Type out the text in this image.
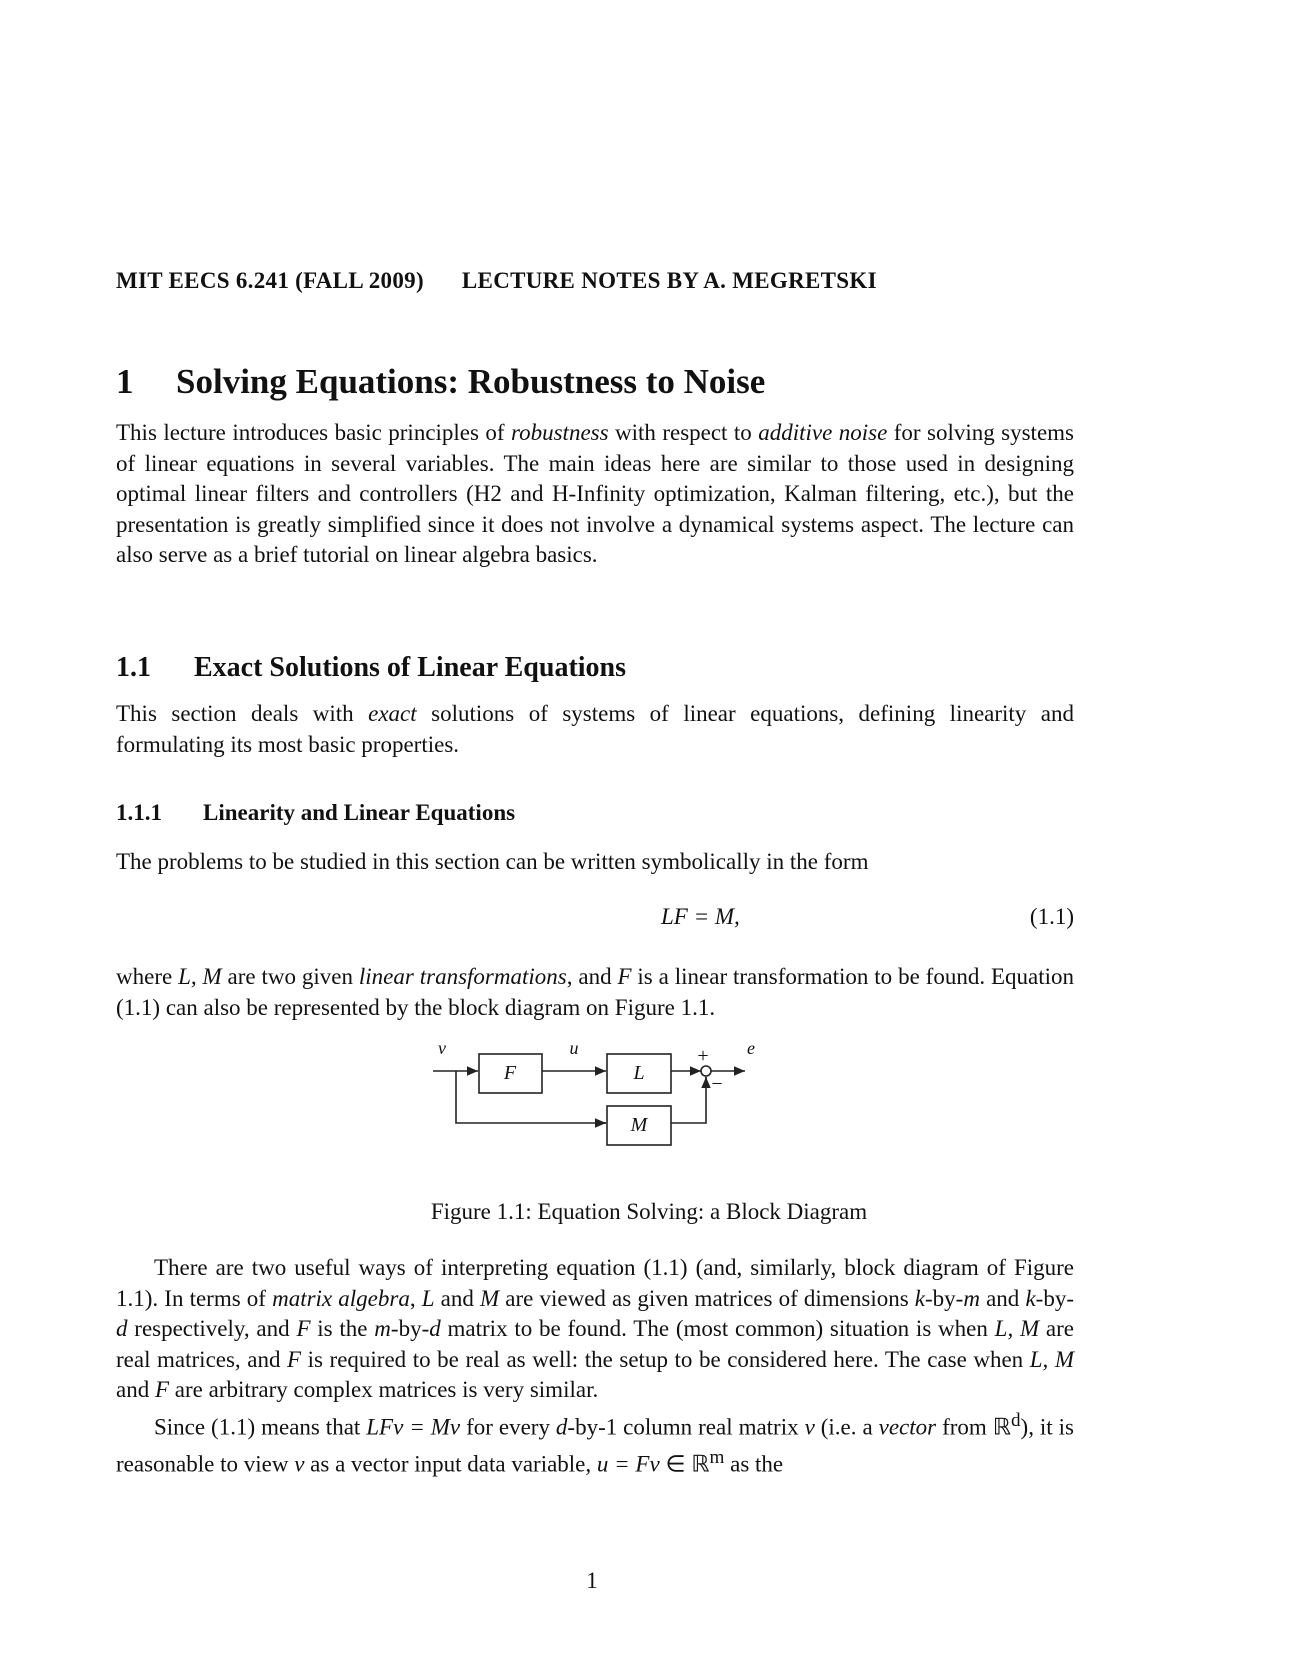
MIT EECS 6.241 (FALL 2009) LECTURE NOTES BY A. MEGRETSKI
1 Solving Equations: Robustness to Noise

This lecture introduces basic principles of robustness with respect to additive noise for solving systems of linear equations in several variables. The main ideas here are similar to those used in designing optimal linear filters and controllers (H2 and H-Infinity optimization, Kalman filtering, etc.), but the presentation is greatly simplified since it does not involve a dynamical systems aspect. The lecture can also serve as a brief tutorial on linear algebra basics.

1.1 Exact Solutions of Linear Equations

This section deals with exact solutions of systems of linear equations, defining linearity and formulating its most basic properties.

1.1.1 Linearity and Linear Equations

The problems to be studied in this section can be written symbolically in the form

LF = M,	(1.1)

where L, M are two given linear transformations, and F is a linear transformation to be found. Equation (1.1) can also be represented by the block diagram on Figure 1.1.

F	L
M
v	u	e
+
−
Figure 1.1: Equation Solving: a Block Diagram

There are two useful ways of interpreting equation (1.1) (and, similarly, block diagram of Figure 1.1). In terms of matrix algebra, L and M are viewed as given matrices of dimensions k-by-m and k-by-d respectively, and F is the m-by-d matrix to be found. The (most common) situation is when L, M are real matrices, and F is required to be real as well: the setup to be considered here. The case when L, M and F are arbitrary complex matrices is very similar.

Since (1.1) means that LFv = Mv for every d-by-1 column real matrix v (i.e. a vector from ℝ$^d$), it is reasonable to view v as a vector input data variable, u = Fv ∈ ℝ$^m$ as the

1
